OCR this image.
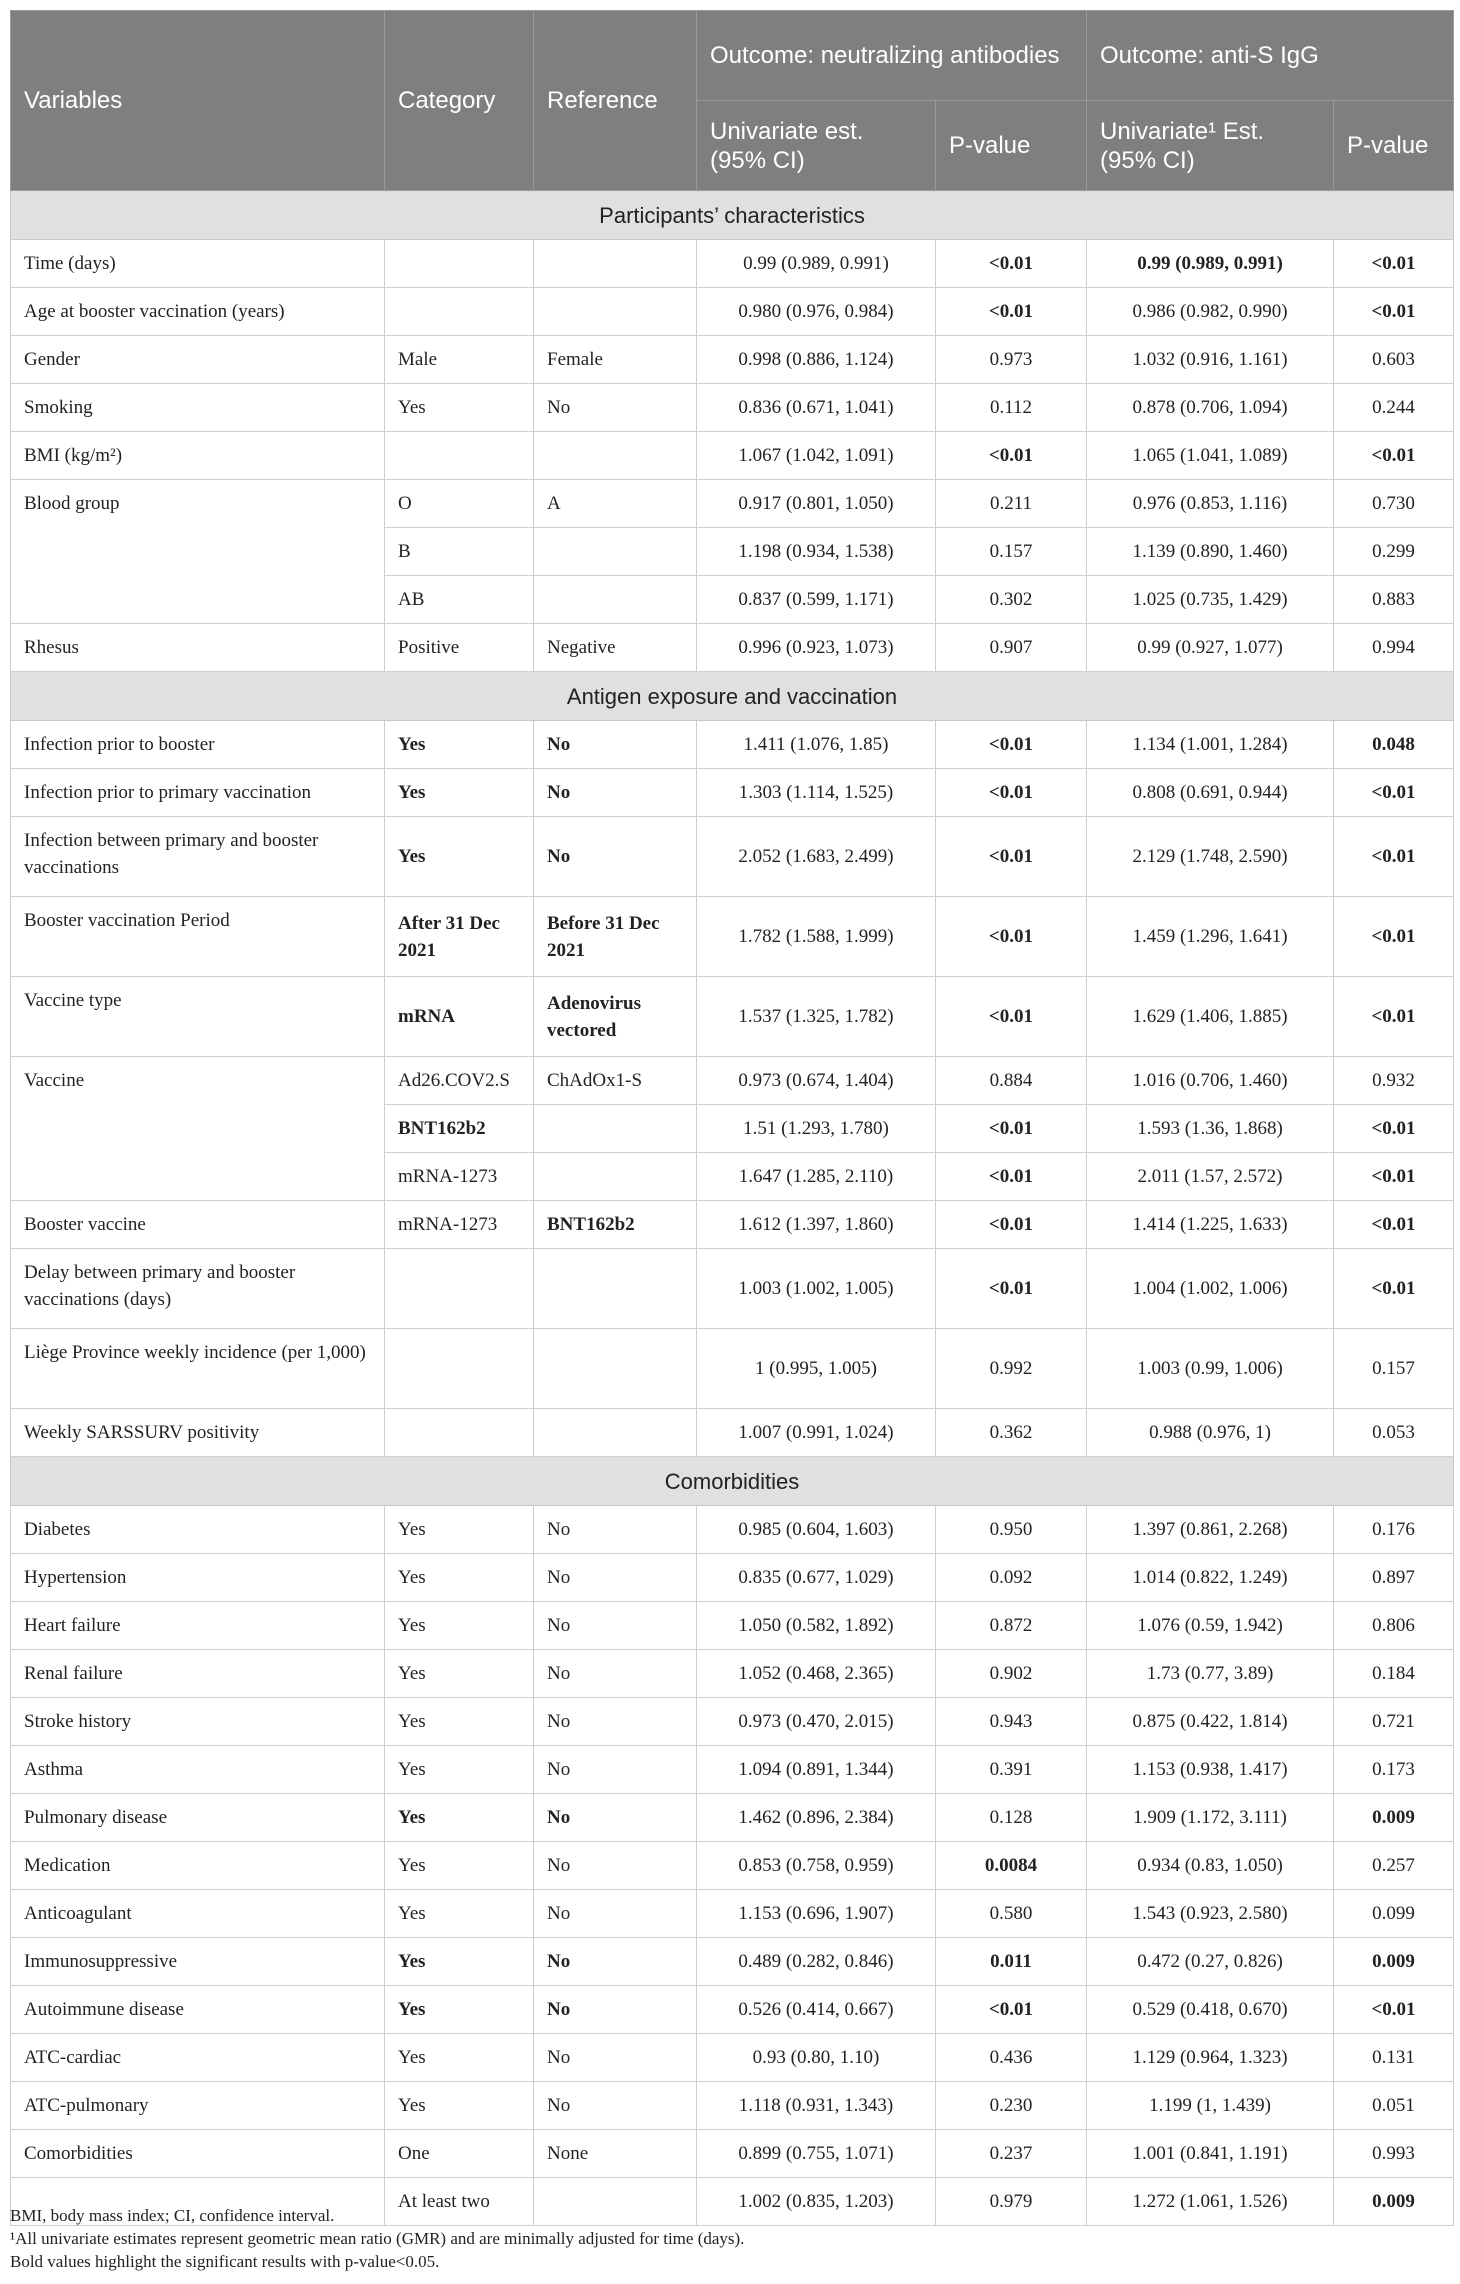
Variables	Category	Reference	Outcome: neutralizing antibodies		Outcome: anti-S IgG	
			Univariate est. (95% CI)	P-value	Univariate¹ Est. (95% CI)	P-value
Participants’ characteristics						
Time (days)			0.99 (0.989, 0.991)	<0.01	0.99 (0.989, 0.991)	<0.01
Age at booster vaccination (years)			0.980 (0.976, 0.984)	<0.01	0.986 (0.982, 0.990)	<0.01
Gender	Male	Female	0.998 (0.886, 1.124)	0.973	1.032 (0.916, 1.161)	0.603
Smoking	Yes	No	0.836 (0.671, 1.041)	0.112	0.878 (0.706, 1.094)	0.244
BMI (kg/m²)			1.067 (1.042, 1.091)	<0.01	1.065 (1.041, 1.089)	<0.01
Blood group	O	A	0.917 (0.801, 1.050)	0.211	0.976 (0.853, 1.116)	0.730
	B		1.198 (0.934, 1.538)	0.157	1.139 (0.890, 1.460)	0.299
	AB		0.837 (0.599, 1.171)	0.302	1.025 (0.735, 1.429)	0.883
Rhesus	Positive	Negative	0.996 (0.923, 1.073)	0.907	0.99 (0.927, 1.077)	0.994
Antigen exposure and vaccination						
Infection prior to booster	Yes	No	1.411 (1.076, 1.85)	<0.01	1.134 (1.001, 1.284)	0.048
Infection prior to primary vaccination	Yes	No	1.303 (1.114, 1.525)	<0.01	0.808 (0.691, 0.944)	<0.01
Infection between primary and booster vaccinations	Yes	No	2.052 (1.683, 2.499)	<0.01	2.129 (1.748, 2.590)	<0.01
Booster vaccination Period	After 31 Dec 2021	Before 31 Dec 2021	1.782 (1.588, 1.999)	<0.01	1.459 (1.296, 1.641)	<0.01
Vaccine type	mRNA	Adenovirus vectored	1.537 (1.325, 1.782)	<0.01	1.629 (1.406, 1.885)	<0.01
Vaccine	Ad26.COV2.S	ChAdOx1-S	0.973 (0.674, 1.404)	0.884	1.016 (0.706, 1.460)	0.932
	BNT162b2		1.51 (1.293, 1.780)	<0.01	1.593 (1.36, 1.868)	<0.01
	mRNA-1273		1.647 (1.285, 2.110)	<0.01	2.011 (1.57, 2.572)	<0.01
Booster vaccine	mRNA-1273	BNT162b2	1.612 (1.397, 1.860)	<0.01	1.414 (1.225, 1.633)	<0.01
Delay between primary and booster vaccinations (days)			1.003 (1.002, 1.005)	<0.01	1.004 (1.002, 1.006)	<0.01
Liège Province weekly incidence (per 1,000)			1 (0.995, 1.005)	0.992	1.003 (0.99, 1.006)	0.157
Weekly SARSSURV positivity			1.007 (0.991, 1.024)	0.362	0.988 (0.976, 1)	0.053
Comorbidities						
Diabetes	Yes	No	0.985 (0.604, 1.603)	0.950	1.397 (0.861, 2.268)	0.176
Hypertension	Yes	No	0.835 (0.677, 1.029)	0.092	1.014 (0.822, 1.249)	0.897
Heart failure	Yes	No	1.050 (0.582, 1.892)	0.872	1.076 (0.59, 1.942)	0.806
Renal failure	Yes	No	1.052 (0.468, 2.365)	0.902	1.73 (0.77, 3.89)	0.184
Stroke history	Yes	No	0.973 (0.470, 2.015)	0.943	0.875 (0.422, 1.814)	0.721
Asthma	Yes	No	1.094 (0.891, 1.344)	0.391	1.153 (0.938, 1.417)	0.173
Pulmonary disease	Yes	No	1.462 (0.896, 2.384)	0.128	1.909 (1.172, 3.111)	0.009
Medication	Yes	No	0.853 (0.758, 0.959)	0.0084	0.934 (0.83, 1.050)	0.257
Anticoagulant	Yes	No	1.153 (0.696, 1.907)	0.580	1.543 (0.923, 2.580)	0.099
Immunosuppressive	Yes	No	0.489 (0.282, 0.846)	0.011	0.472 (0.27, 0.826)	0.009
Autoimmune disease	Yes	No	0.526 (0.414, 0.667)	<0.01	0.529 (0.418, 0.670)	<0.01
ATC-cardiac	Yes	No	0.93 (0.80, 1.10)	0.436	1.129 (0.964, 1.323)	0.131
ATC-pulmonary	Yes	No	1.118 (0.931, 1.343)	0.230	1.199 (1, 1.439)	0.051
Comorbidities	One	None	0.899 (0.755, 1.071)	0.237	1.001 (0.841, 1.191)	0.993
	At least two		1.002 (0.835, 1.203)	0.979	1.272 (1.061, 1.526)	0.009
BMI, body mass index; CI, confidence interval.
¹All univariate estimates represent geometric mean ratio (GMR) and are minimally adjusted for time (days).
Bold values highlight the significant results with p-value<0.05.
